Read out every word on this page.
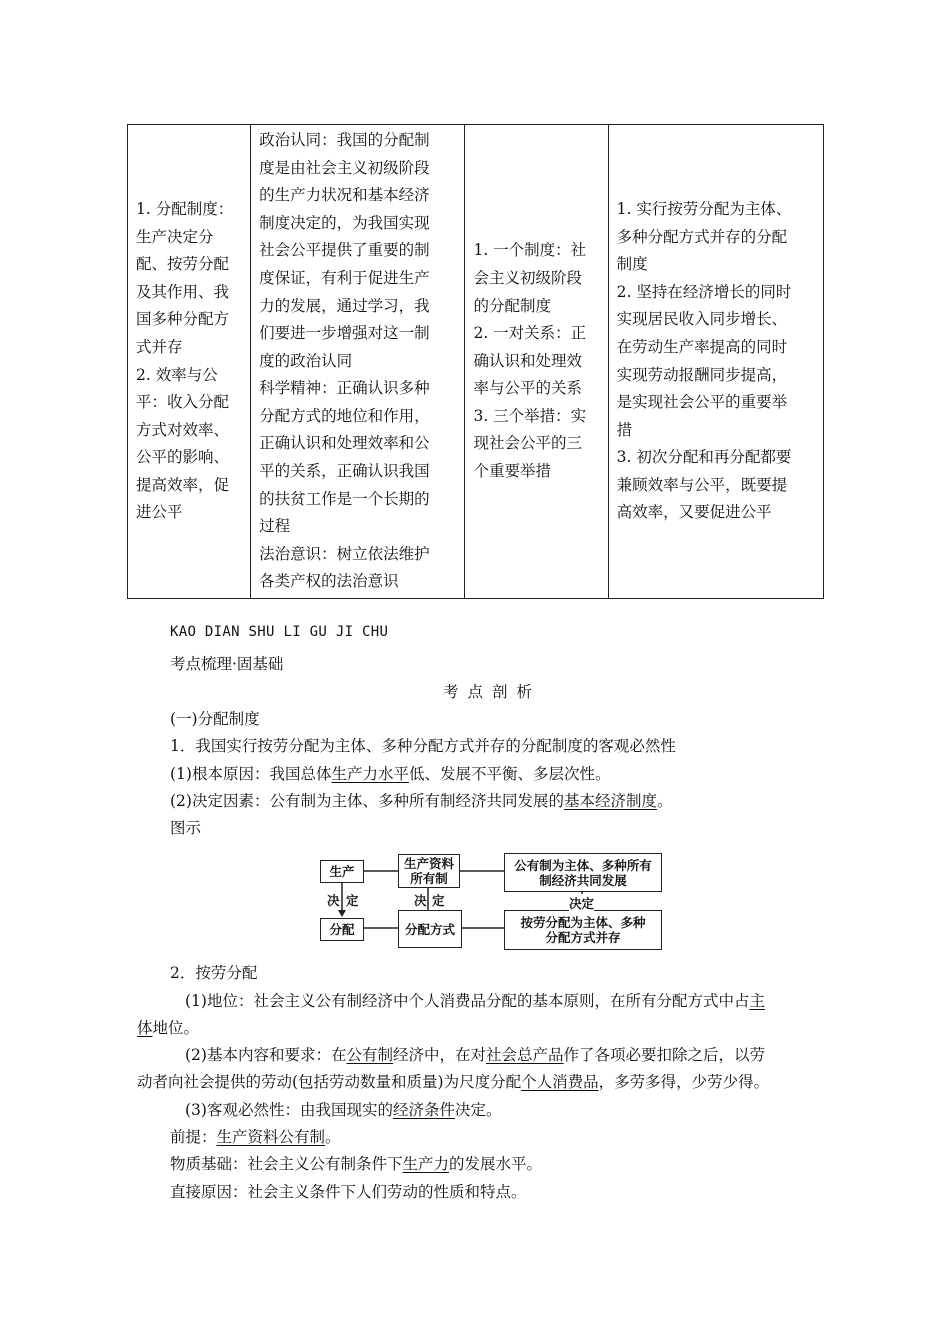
1. 分配制度：
生产决定分
配、按劳分配
及其作用、我
国多种分配方
式并存
2. 效率与公
平：收入分配
方式对效率、
公平的影响、
提高效率，促
进公平

政治认同：我国的分配制
度是由社会主义初级阶段
的生产力状况和基本经济
制度决定的，为我国实现
社会公平提供了重要的制
度保证，有利于促进生产
力的发展，通过学习，我
们要进一步增强对这一制
度的政治认同
科学精神：正确认识多种
分配方式的地位和作用，
正确认识和处理效率和公
平的关系，正确认识我国
的扶贫工作是一个长期的
过程
法治意识：树立依法维护
各类产权的法治意识

1. 一个制度：社
会主义初级阶段
的分配制度
2. 一对关系：正
确认识和处理效
率与公平的关系
3. 三个举措：实
现社会公平的三
个重要举措

1. 实行按劳分配为主体、
多种分配方式并存的分配
制度
2. 坚持在经济增长的同时
实现居民收入同步增长、
在劳动生产率提高的同时
实现劳动报酬同步提高，
是实现社会公平的重要举
措
3. 初次分配和再分配都要
兼顾效率与公平，既要提
高效率，又要促进公平
KAO DIAN SHU LI GU JI CHU
考点梳理·固基础
考点剖析
(一)分配制度
1．我国实行按劳分配为主体、多种分配方式并存的分配制度的客观必然性
(1)根本原因：我国总体生产力水平低、发展不平衡、多层次性。
(2)决定因素：公有制为主体、多种所有制经济共同发展的基本经济制度。
图示
生产
生产资料
所有制
公有制为主体、多种所有
制经济共同发展
分配	分配方式	按劳分配为主体、多种
分配方式并存
决 定	决 定	决定
2．按劳分配
(1)地位：社会主义公有制经济中个人消费品分配的基本原则，在所有分配方式中占主
体地位。
(2)基本内容和要求：在公有制经济中，在对社会总产品作了各项必要扣除之后，以劳
动者向社会提供的劳动(包括劳动数量和质量)为尺度分配个人消费品，多劳多得，少劳少得。
(3)客观必然性：由我国现实的经济条件决定。
前提：生产资料公有制。
物质基础：社会主义公有制条件下生产力的发展水平。
直接原因：社会主义条件下人们劳动的性质和特点。
